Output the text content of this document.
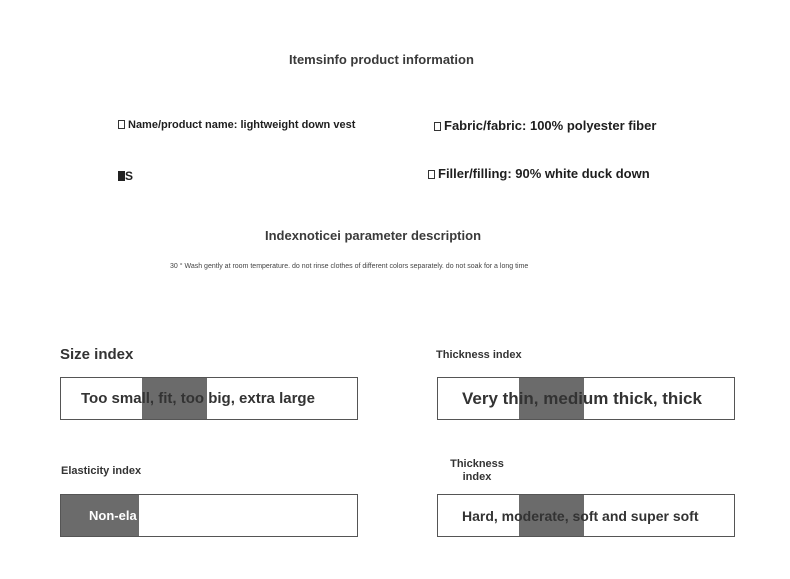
Itemsinfo product information
Name/product name: lightweight down vest	Fabric/fabric: 100% polyester fiber
S	Filler/filling: 90% white duck down
Indexnoticei parameter description
30 ° Wash gently at room temperature. do not rinse clothes of different colors separately. do not soak for a long time
Size index
Too small, fit, too big, extra large
Thickness index
Very thin, medium thick, thick
Elasticity index
Non-ela
Thickness index
Hard, moderate, soft and super soft
